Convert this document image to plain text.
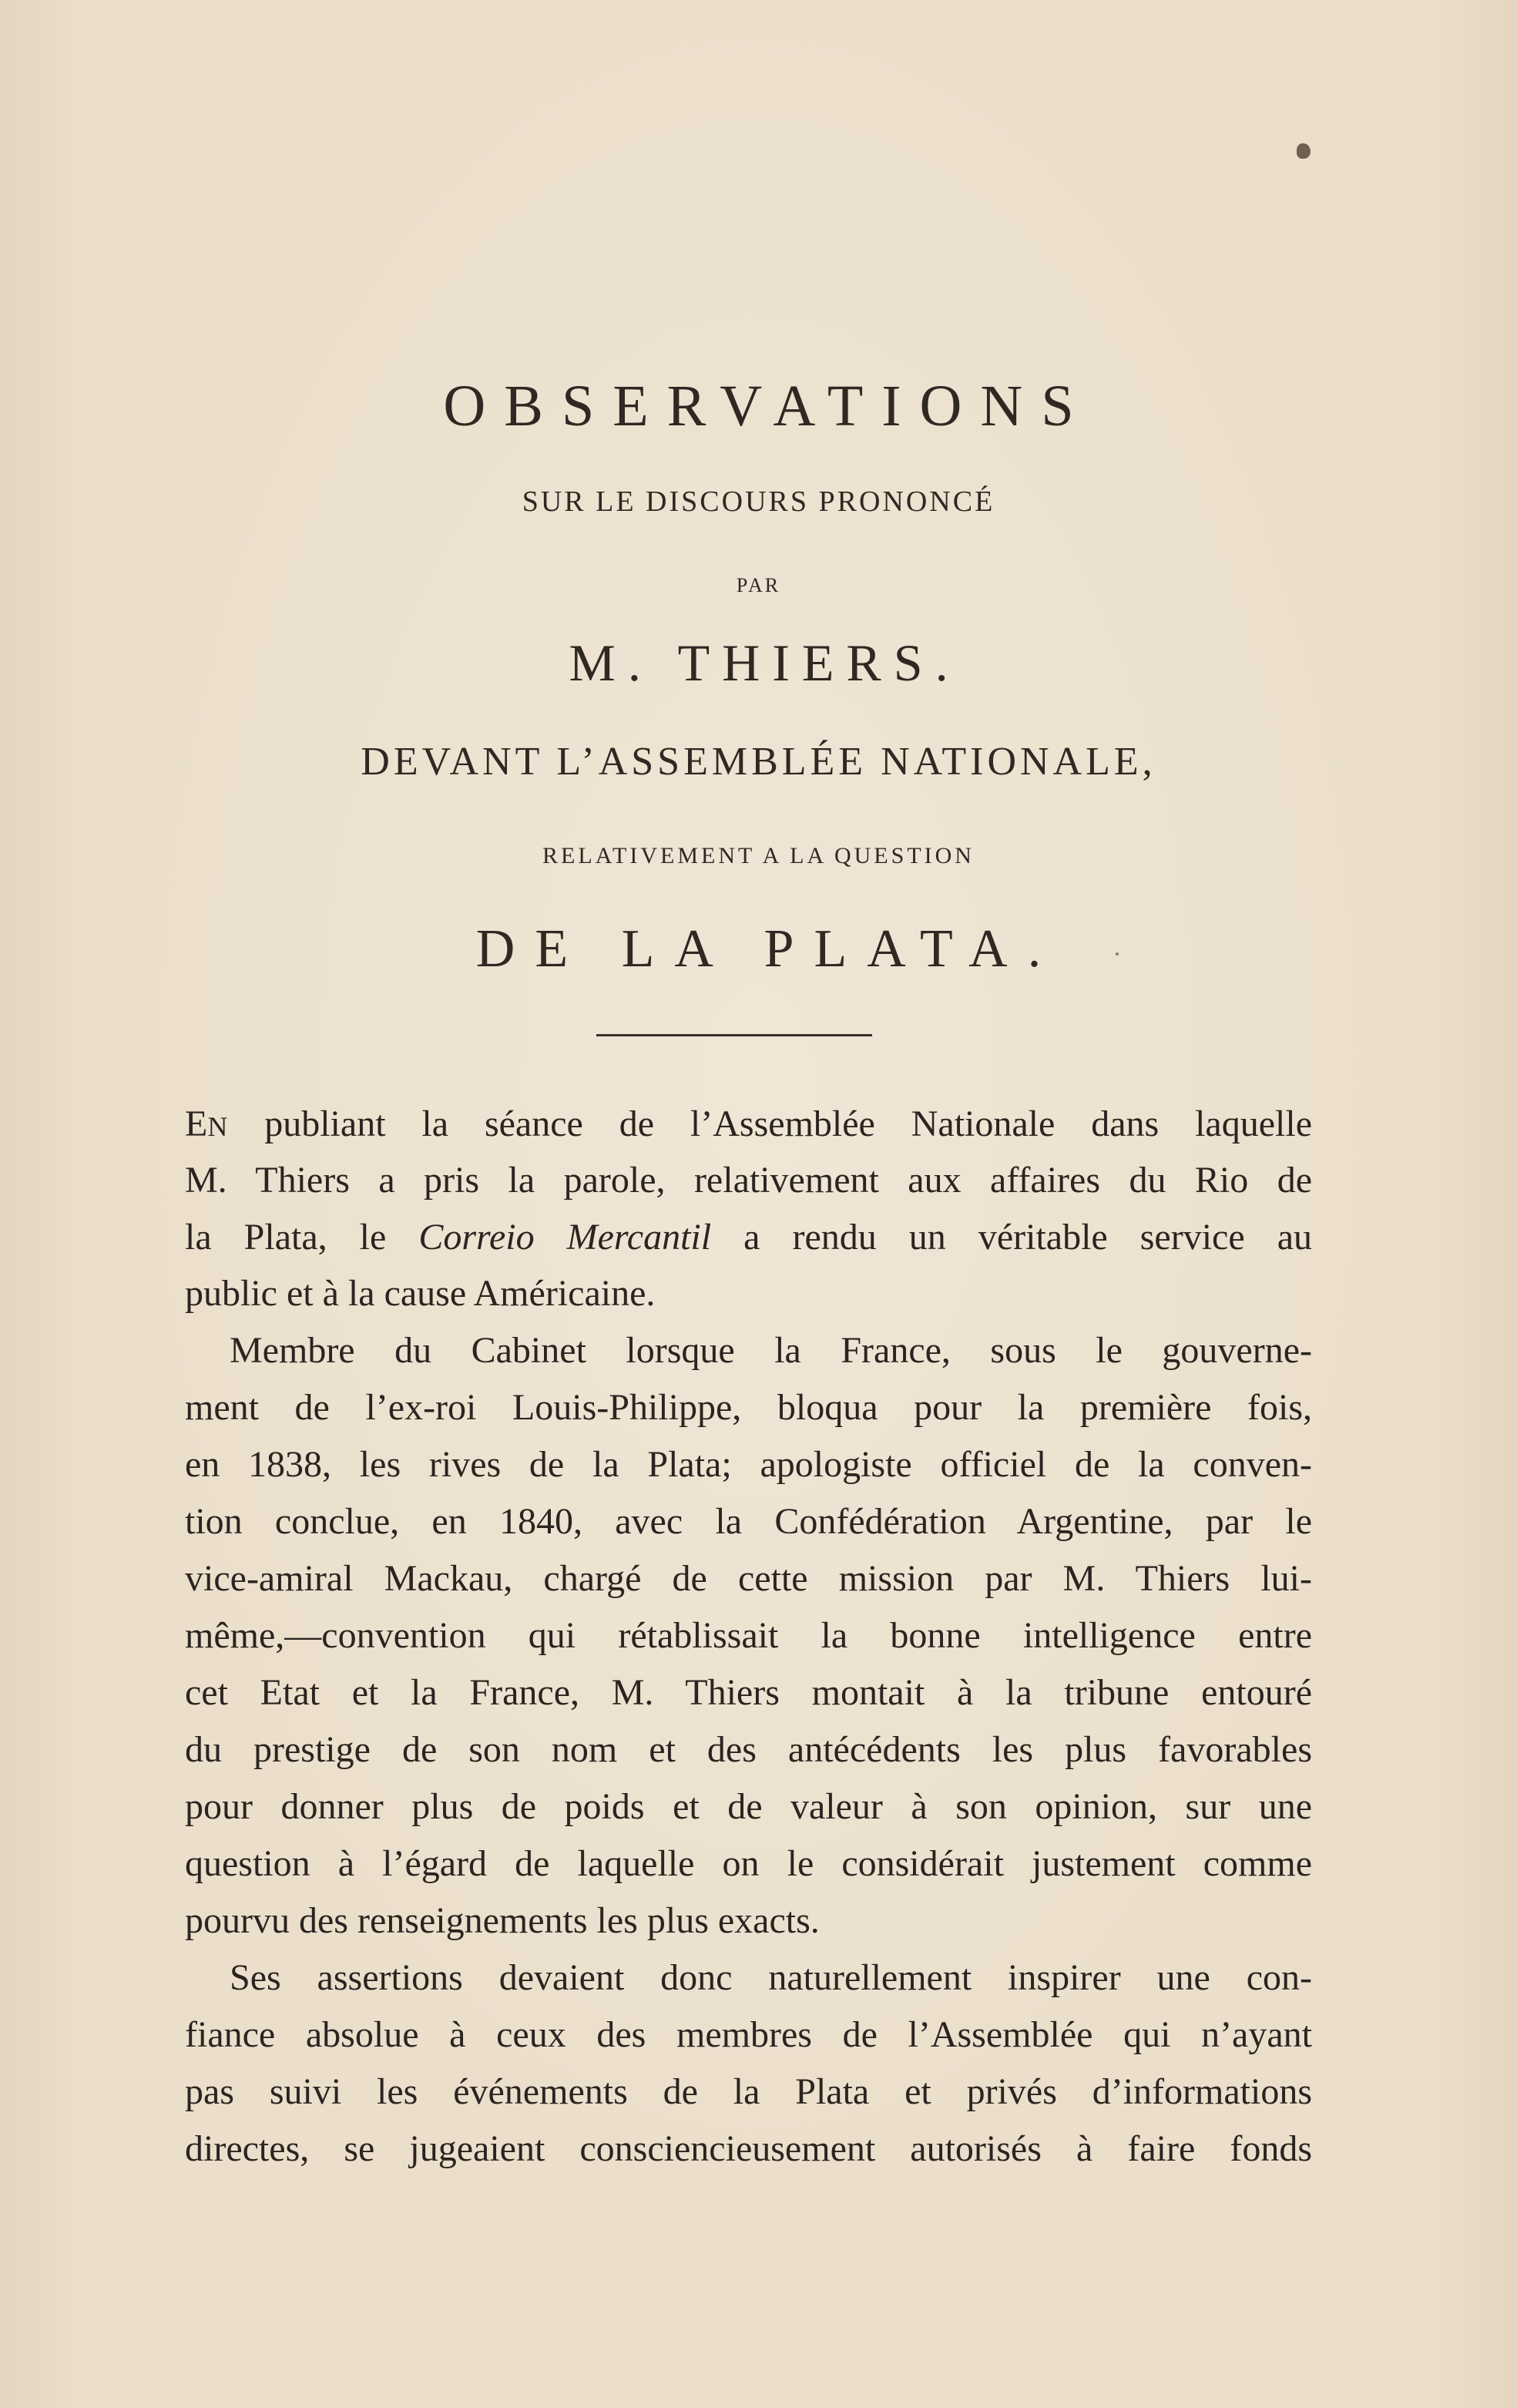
OBSERVATIONS
SUR LE DISCOURS PRONONCÉ
PAR
M. THIERS.
DEVANT L’ASSEMBLÉE NATIONALE,
RELATIVEMENT A LA QUESTION
DE LA PLATA.
EN publiant la séance de l’Assemblée Nationale dans laquelle
M. Thiers a pris la parole, relativement aux affaires du Rio de
la Plata, le Correio Mercantil a rendu un véritable service au
public et à la cause Américaine.
Membre du Cabinet lorsque la France, sous le gouverne-
ment de l’ex-roi Louis-Philippe, bloqua pour la première fois,
en 1838, les rives de la Plata; apologiste officiel de la conven-
tion conclue, en 1840, avec la Confédération Argentine, par le
vice-amiral Mackau, chargé de cette mission par M. Thiers lui-
même,—convention qui rétablissait la bonne intelligence entre
cet Etat et la France, M. Thiers montait à la tribune entouré
du prestige de son nom et des antécédents les plus favorables
pour donner plus de poids et de valeur à son opinion, sur une
question à l’égard de laquelle on le considérait justement comme
pourvu des renseignements les plus exacts.
Ses assertions devaient donc naturellement inspirer une con-
fiance absolue à ceux des membres de l’Assemblée qui n’ayant
pas suivi les événements de la Plata et privés d’informations
directes, se jugeaient consciencieusement autorisés à faire fonds
